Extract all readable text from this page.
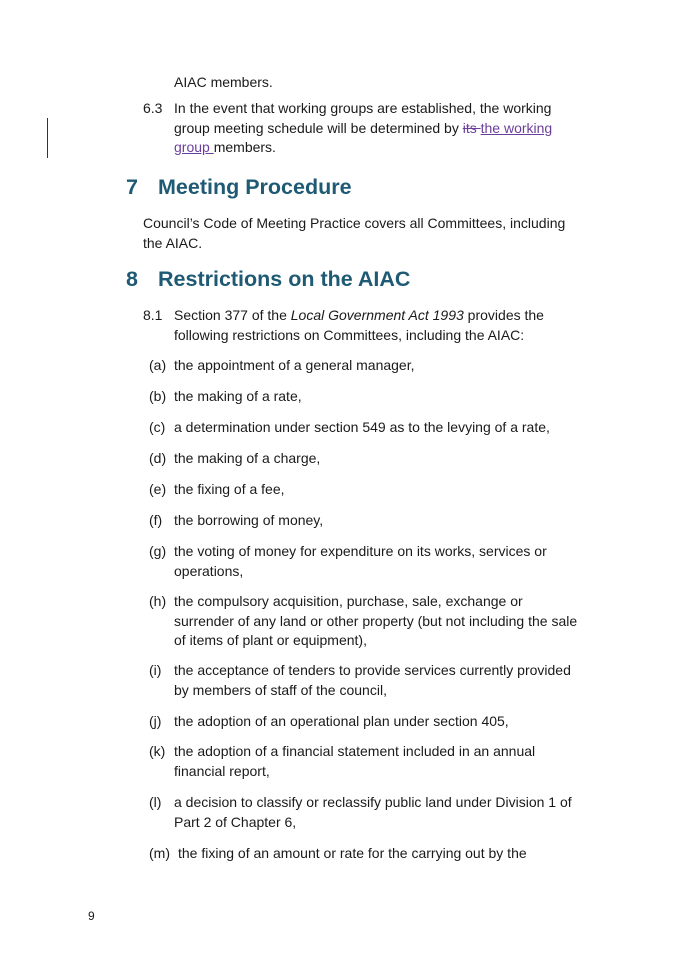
AIAC members.

6.3 In the event that working groups are established, the working group meeting schedule will be determined by its the working group members.

7 Meeting Procedure

Council’s Code of Meeting Practice covers all Committees, including the AIAC.

8 Restrictions on the AIAC
8.1 Section 377 of the Local Government Act 1993 provides the following restrictions on Committees, including the AIAC:

(a) the appointment of a general manager,
(b) the making of a rate,
(c) a determination under section 549 as to the levying of a rate,
(d) the making of a charge,
(e) the fixing of a fee,
(f) the borrowing of money,
(g) the voting of money for expenditure on its works, services or operations,
(h) the compulsory acquisition, purchase, sale, exchange or surrender of any land or other property (but not including the sale of items of plant or equipment),
(i) the acceptance of tenders to provide services currently provided by members of staff of the council,
(j) the adoption of an operational plan under section 405,
(k) the adoption of a financial statement included in an annual financial report,
(l) a decision to classify or reclassify public land under Division 1 of Part 2 of Chapter 6,
(m) the fixing of an amount or rate for the carrying out by the
9
